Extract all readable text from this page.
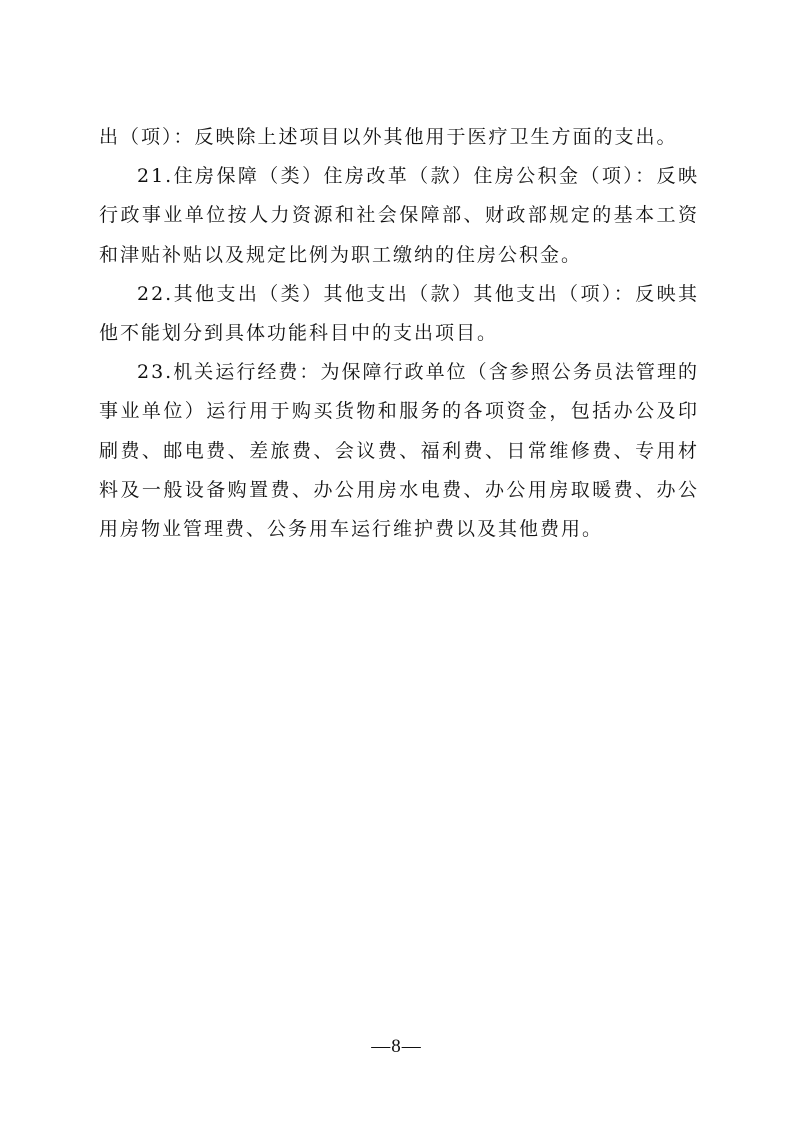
出（项）：反映除上述项目以外其他用于医疗卫生方面的支出。

21.住房保障（类）住房改革（款）住房公积金（项）：反映行政事业单位按人力资源和社会保障部、财政部规定的基本工资和津贴补贴以及规定比例为职工缴纳的住房公积金。

22.其他支出（类）其他支出（款）其他支出（项）：反映其他不能划分到具体功能科目中的支出项目。

23.机关运行经费：为保障行政单位（含参照公务员法管理的事业单位）运行用于购买货物和服务的各项资金，包括办公及印刷费、邮电费、差旅费、会议费、福利费、日常维修费、专用材料及一般设备购置费、办公用房水电费、办公用房取暖费、办公用房物业管理费、公务用车运行维护费以及其他费用。

—8—
